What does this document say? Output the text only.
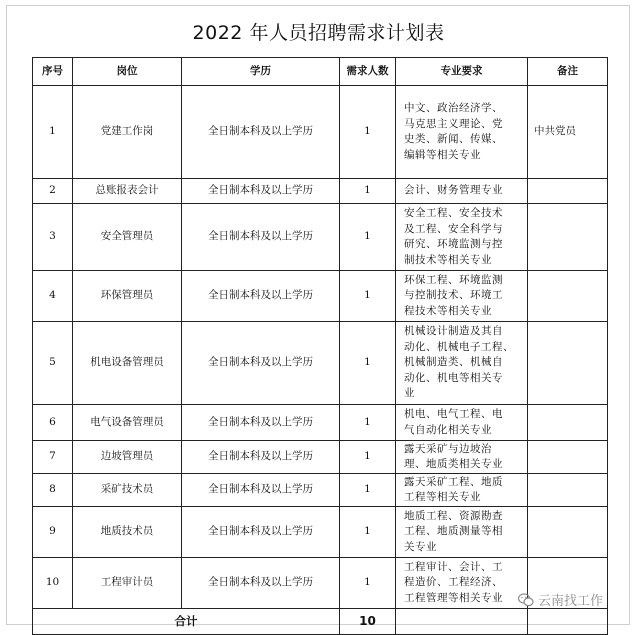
2022 年人员招聘需求计划表
序号	岗位	学历	需求人数	专业要求	备注
1	党建工作岗	全日制本科及以上学历	1	中文、政治经济学、
马克思主义理论、党
史类、新闻、传媒、
编辑等相关专业	中共党员
2	总账报表会计	全日制本科及以上学历	1	会计、财务管理专业	

3	安全管理员	全日制本科及以上学历	1	安全工程、安全技术
及工程、安全科学与
研究、环境监测与控
制技术等相关专业	

4	环保管理员	全日制本科及以上学历	1	环保工程、环境监测
与控制技术、环境工
程技术等相关专业	

5	机电设备管理员	全日制本科及以上学历	1	机械设计制造及其自
动化、机械电子工程、
机械制造类、机械自
动化、机电等相关专
业	

6	电气设备管理员	全日制本科及以上学历	1	机电、电气工程、电
气自动化相关专业	

7	边坡管理员	全日制本科及以上学历	1	露天采矿与边坡治
理、地质类相关专业	

8	采矿技术员	全日制本科及以上学历	1	露天采矿工程、地质
工程等相关专业	

9	地质技术员	全日制本科及以上学历	1	地质工程、资源勘查
工程、地质测量等相
关专业	

10	工程审计员	全日制本科及以上学历	1	工程审计、会计、工
程造价、工程经济、
工程管理等相关专业	

合计			10		
云南找工作
